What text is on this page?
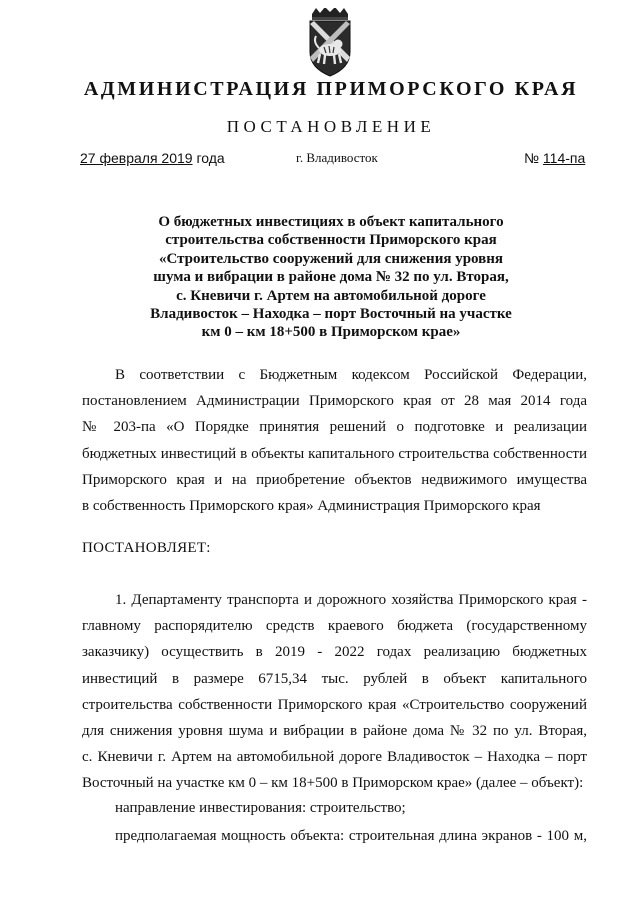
АДМИНИСТРАЦИЯ ПРИМОРСКОГО КРАЯ
ПОСТАНОВЛЕНИЕ
27 февраля 2019 года	г. Владивосток	№ 114-па
О бюджетных инвестициях в объект капитального
строительства собственности Приморского края
«Строительство сооружений для снижения уровня
шума и вибрации в районе дома № 32 по ул. Вторая,
с. Кневичи г. Артем на автомобильной дороге
Владивосток – Находка – порт Восточный на участке
км 0 – км 18+500 в Приморском крае»
В соответствии с Бюджетным кодексом Российской Федерации,
постановлением Администрации Приморского края от 28 мая 2014 года
№ 203-па «О Порядке принятия решений о подготовке и реализации
бюджетных инвестиций в объекты капитального строительства собственности
Приморского края и на приобретение объектов недвижимого имущества
в собственность Приморского края» Администрация Приморского края
ПОСТАНОВЛЯЕТ:
1. Департаменту транспорта и дорожного хозяйства Приморского края -
главному распорядителю средств краевого бюджета (государственному
заказчику) осуществить в 2019 - 2022 годах реализацию бюджетных
инвестиций в размере 6715,34 тыс. рублей в объект капитального
строительства собственности Приморского края «Строительство сооружений
для снижения уровня шума и вибрации в районе дома № 32 по ул. Вторая,
с. Кневичи г. Артем на автомобильной дороге Владивосток – Находка – порт
Восточный на участке км 0 – км 18+500 в Приморском крае» (далее – объект):
направление инвестирования: строительство;
предполагаемая мощность объекта: строительная длина экранов - 100 м,
